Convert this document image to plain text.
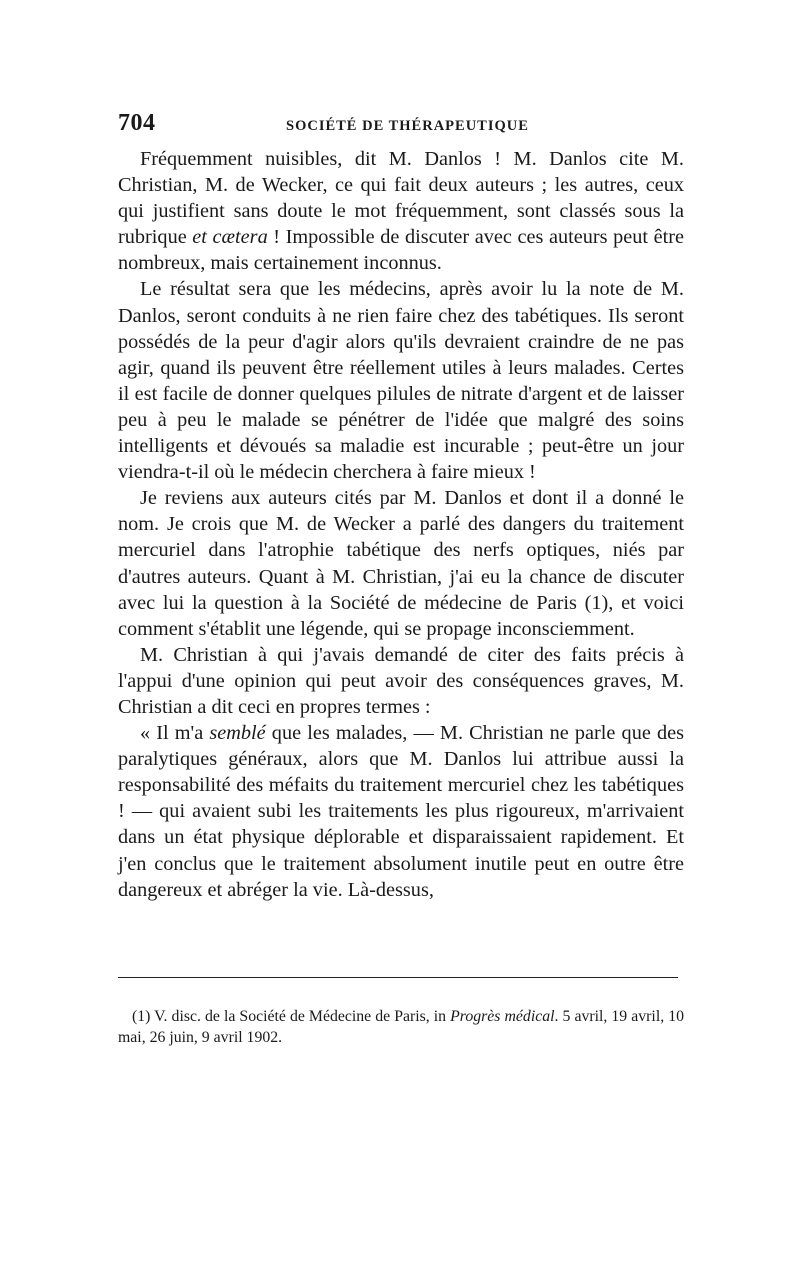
704	SOCIÉTÉ DE THÉRAPEUTIQUE

Fréquemment nuisibles, dit M. Danlos ! M. Danlos cite M. Christian, M. de Wecker, ce qui fait deux auteurs ; les autres, ceux qui justifient sans doute le mot fréquemment, sont classés sous la rubrique et cætera ! Impossible de discuter avec ces auteurs peut être nombreux, mais certainement inconnus.

Le résultat sera que les médecins, après avoir lu la note de M. Danlos, seront conduits à ne rien faire chez des tabétiques. Ils seront possédés de la peur d'agir alors qu'ils devraient craindre de ne pas agir, quand ils peuvent être réellement utiles à leurs malades. Certes il est facile de donner quelques pilules de nitrate d'argent et de laisser peu à peu le malade se pénétrer de l'idée que malgré des soins intelligents et dévoués sa maladie est incurable ; peut-être un jour viendra-t-il où le médecin cherchera à faire mieux !

Je reviens aux auteurs cités par M. Danlos et dont il a donné le nom. Je crois que M. de Wecker a parlé des dangers du traitement mercuriel dans l'atrophie tabétique des nerfs optiques, niés par d'autres auteurs. Quant à M. Christian, j'ai eu la chance de discuter avec lui la question à la Société de médecine de Paris (1), et voici comment s'établit une légende, qui se propage inconsciemment.

M. Christian à qui j'avais demandé de citer des faits précis à l'appui d'une opinion qui peut avoir des conséquences graves, M. Christian a dit ceci en propres termes :

« Il m'a semblé que les malades, — M. Christian ne parle que des paralytiques généraux, alors que M. Danlos lui attribue aussi la responsabilité des méfaits du traitement mercuriel chez les tabétiques ! — qui avaient subi les traitements les plus rigoureux, m'arrivaient dans un état physique déplorable et disparaissaient rapidement. Et j'en conclus que le traitement absolument inutile peut en outre être dangereux et abréger la vie. Là-dessus,

(1) V. disc. de la Société de Médecine de Paris, in Progrès médical. 5 avril, 19 avril, 10 mai, 26 juin, 9 avril 1902.
